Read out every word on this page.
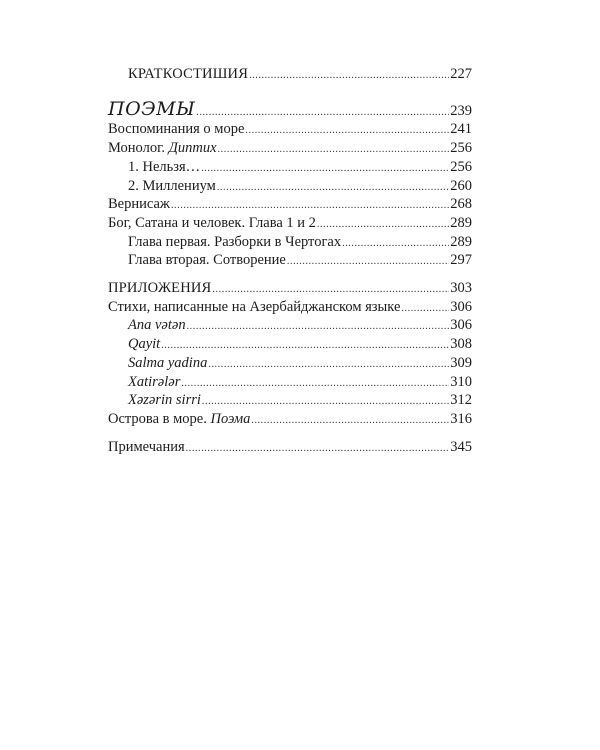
КРАТКОСТИШИЯ .....	227
ПОЭМЫ .....	239
Воспоминания о море .....	241
Монолог. Диптих .....	256
1. Нельзя… .....	256
2. Миллениум .....	260
Вернисаж .....	268
Бог, Сатана и человек. Глава 1 и 2 .....	289
Глава первая. Разборки в Чертогах .....	289
Глава вторая. Сотворение .....	297
ПРИЛОЖЕНИЯ .....	303
Стихи, написанные на Азербайджанском языке .....	306
Ana vətən .....	306
Qayit .....	308
Salma yadina .....	309
Xatirələr .....	310
Xəzərin sirri .....	312
Острова в море. Поэма .....	316
Примечания .....	345
